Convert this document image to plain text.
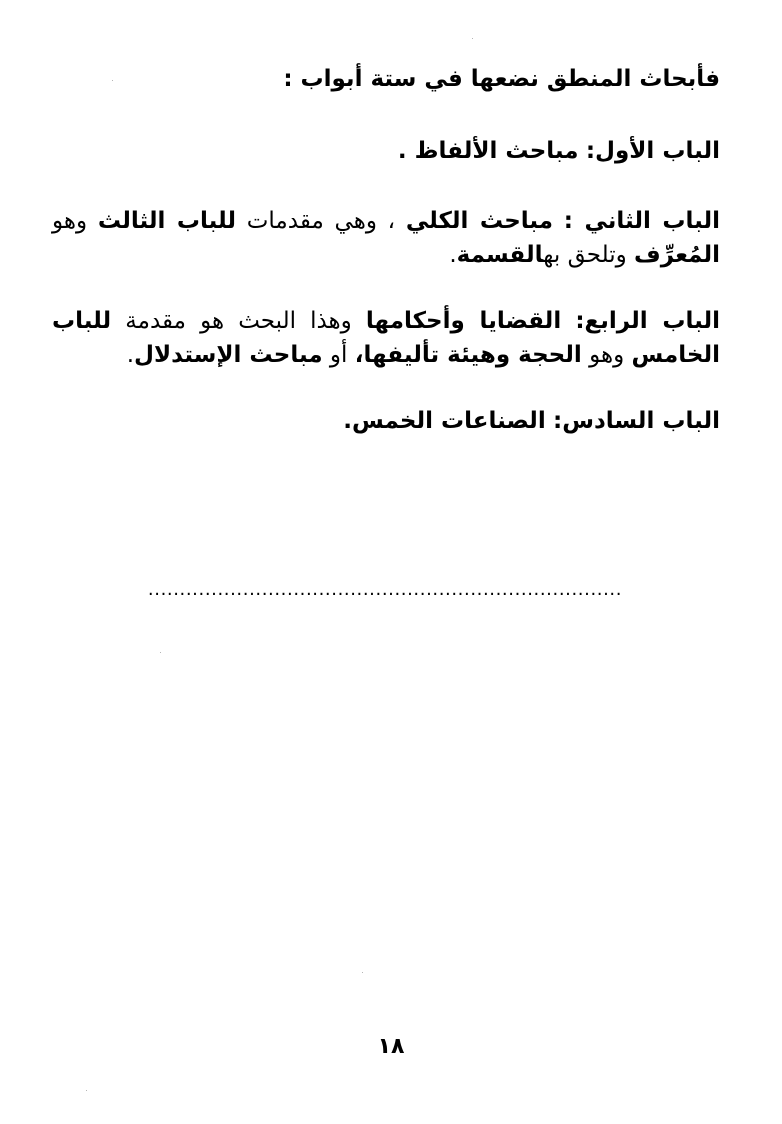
فأبحاث المنطق نضعها في ستة أبواب :
الباب الأول: مباحث الألفاظ .
الباب الثاني : مباحث الكلي ، وهي مقدمات للباب الثالث وهو المُعرِّف وتلحق بهالقسمة.
الباب الرابع: القضايا وأحكامها وهذا البحث هو مقدمة للباب الخامس وهو الحجة وهيئة تأليفها، أو مباحث الإستدلال.
الباب السادس: الصناعات الخمس.
...........................................................................
١٨
